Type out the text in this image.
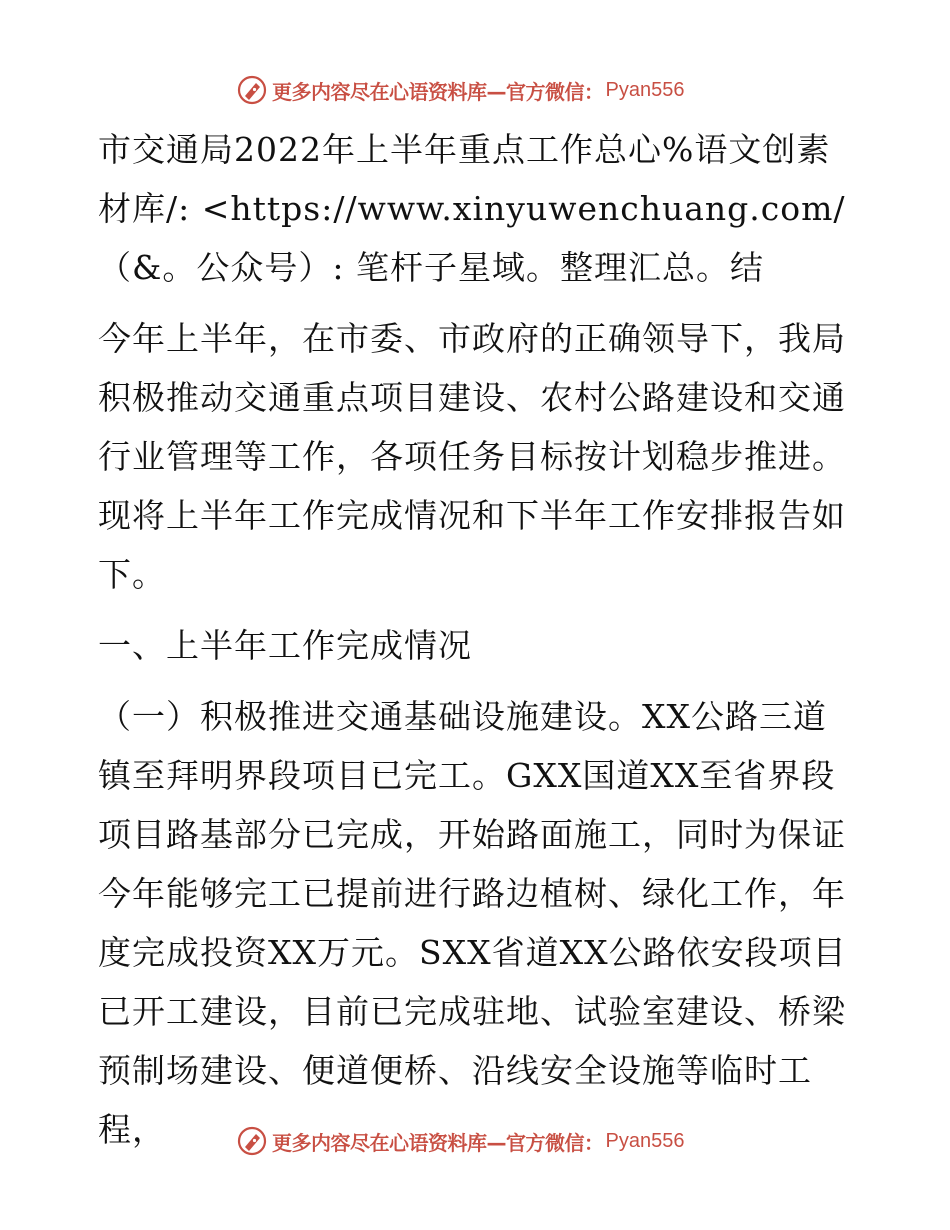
更多内容尽在心语资料库—官方微信： Pyan556

市交通局2022年上半年重点工作总心%语文创素材库/: <https://www.xinyuwenchuang.com/（&。公众号）: 笔杆子星域。整理汇总。结

今年上半年，在市委、市政府的正确领导下，我局积极推动交通重点项目建设、农村公路建设和交通行业管理等工作，各项任务目标按计划稳步推进。现将上半年工作完成情况和下半年工作安排报告如下。

一、上半年工作完成情况

（一）积极推进交通基础设施建设。XX公路三道镇至拜明界段项目已完工。GXX国道XX至省界段项目路基部分已完成，开始路面施工，同时为保证今年能够完工已提前进行路边植树、绿化工作，年度完成投资XX万元。SXX省道XX公路依安段项目已开工建设，目前已完成驻地、试验室建设、桥梁预制场建设、便道便桥、沿线安全设施等临时工程，	更多内容尽在心语资料库—官方微信： Pyan556
